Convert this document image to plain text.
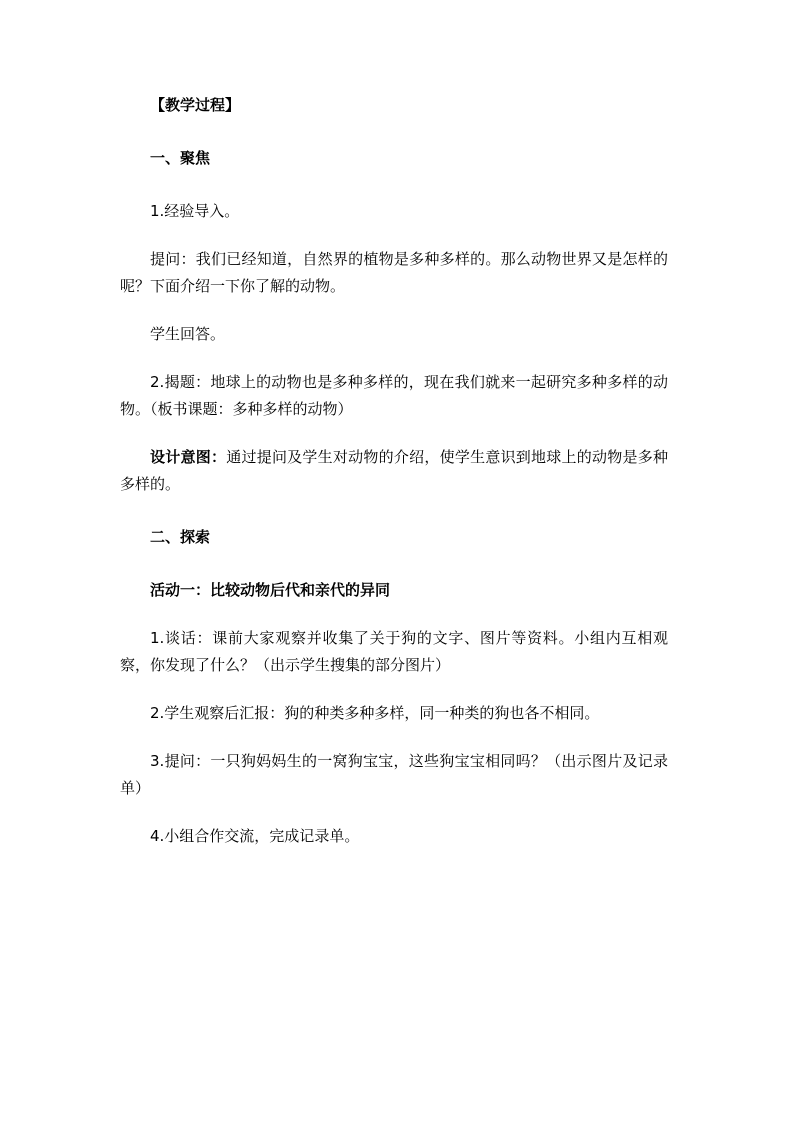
【教学过程】

一、聚焦

1.经验导入。

提问：我们已经知道，自然界的植物是多种多样的。那么动物世界又是怎样的呢？下面介绍一下你了解的动物。

学生回答。

2.揭题：地球上的动物也是多种多样的，现在我们就来一起研究多种多样的动物。（板书课题：多种多样的动物）

设计意图：通过提问及学生对动物的介绍，使学生意识到地球上的动物是多种多样的。

二、探索

活动一：比较动物后代和亲代的异同

1.谈话：课前大家观察并收集了关于狗的文字、图片等资料。小组内互相观察，你发现了什么？（出示学生搜集的部分图片）

2.学生观察后汇报：狗的种类多种多样，同一种类的狗也各不相同。

3.提问：一只狗妈妈生的一窝狗宝宝，这些狗宝宝相同吗？（出示图片及记录单）

4.小组合作交流，完成记录单。
